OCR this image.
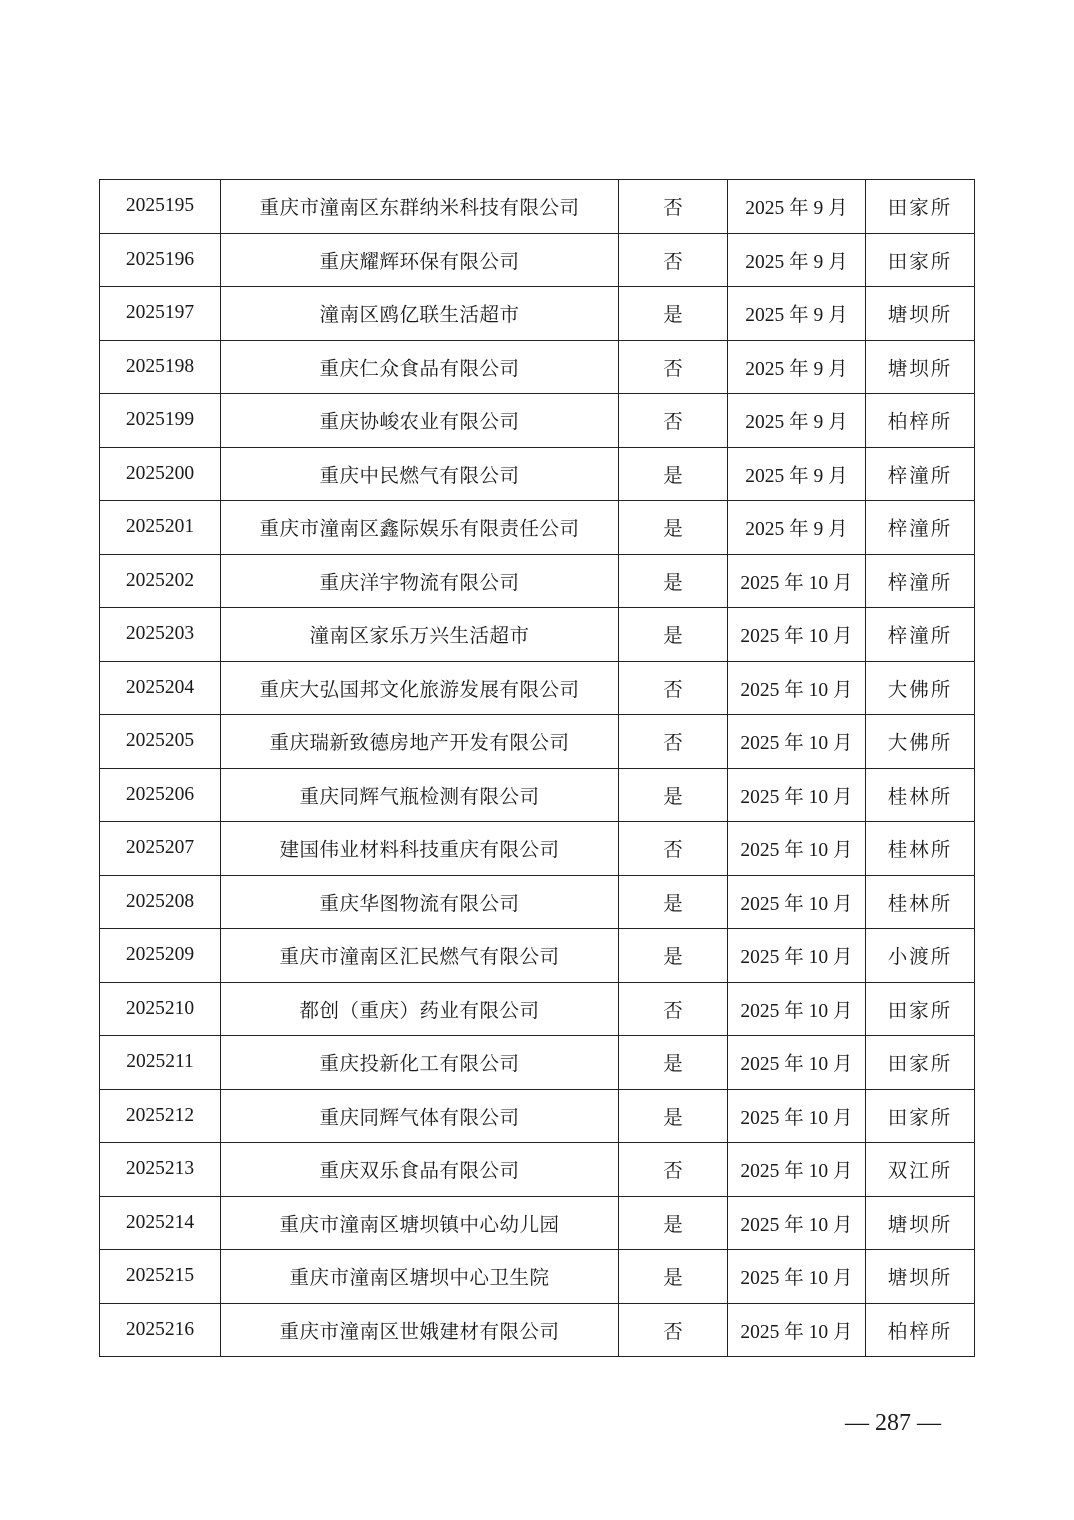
2025195	重庆市潼南区东群纳米科技有限公司	否	2025 年 9 月	田家所
2025196	重庆耀辉环保有限公司	否	2025 年 9 月	田家所
2025197	潼南区鸥亿联生活超市	是	2025 年 9 月	塘坝所
2025198	重庆仁众食品有限公司	否	2025 年 9 月	塘坝所
2025199	重庆协峻农业有限公司	否	2025 年 9 月	柏梓所
2025200	重庆中民燃气有限公司	是	2025 年 9 月	梓潼所
2025201	重庆市潼南区鑫际娱乐有限责任公司	是	2025 年 9 月	梓潼所
2025202	重庆洋宇物流有限公司	是	2025 年 10 月	梓潼所
2025203	潼南区家乐万兴生活超市	是	2025 年 10 月	梓潼所
2025204	重庆大弘国邦文化旅游发展有限公司	否	2025 年 10 月	大佛所
2025205	重庆瑞新致德房地产开发有限公司	否	2025 年 10 月	大佛所
2025206	重庆同辉气瓶检测有限公司	是	2025 年 10 月	桂林所
2025207	建国伟业材料科技重庆有限公司	否	2025 年 10 月	桂林所
2025208	重庆华图物流有限公司	是	2025 年 10 月	桂林所
2025209	重庆市潼南区汇民燃气有限公司	是	2025 年 10 月	小渡所
2025210	都创（重庆）药业有限公司	否	2025 年 10 月	田家所
2025211	重庆投新化工有限公司	是	2025 年 10 月	田家所
2025212	重庆同辉气体有限公司	是	2025 年 10 月	田家所
2025213	重庆双乐食品有限公司	否	2025 年 10 月	双江所
2025214	重庆市潼南区塘坝镇中心幼儿园	是	2025 年 10 月	塘坝所
2025215	重庆市潼南区塘坝中心卫生院	是	2025 年 10 月	塘坝所
2025216	重庆市潼南区世娥建材有限公司	否	2025 年 10 月	柏梓所
— 287 —
